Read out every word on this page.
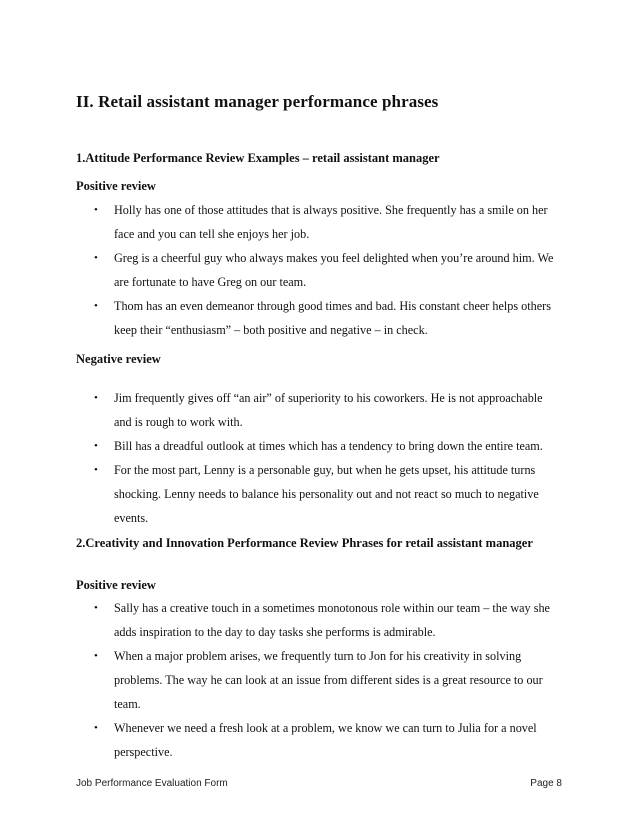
II. Retail assistant manager performance phrases
1.Attitude Performance Review Examples – retail assistant manager
Positive review
• Holly has one of those attitudes that is always positive. She frequently has a smile on her face and you can tell she enjoys her job.
• Greg is a cheerful guy who always makes you feel delighted when you’re around him. We are fortunate to have Greg on our team.
• Thom has an even demeanor through good times and bad. His constant cheer helps others keep their “enthusiasm” – both positive and negative – in check.
Negative review
• Jim frequently gives off “an air” of superiority to his coworkers. He is not approachable and is rough to work with.
• Bill has a dreadful outlook at times which has a tendency to bring down the entire team.
• For the most part, Lenny is a personable guy, but when he gets upset, his attitude turns shocking. Lenny needs to balance his personality out and not react so much to negative events.
2.Creativity and Innovation Performance Review Phrases for retail assistant manager
Positive review
• Sally has a creative touch in a sometimes monotonous role within our team – the way she adds inspiration to the day to day tasks she performs is admirable.
• When a major problem arises, we frequently turn to Jon for his creativity in solving problems. The way he can look at an issue from different sides is a great resource to our team.
• Whenever we need a fresh look at a problem, we know we can turn to Julia for a novel perspective.
Job Performance Evaluation Form	Page 8
